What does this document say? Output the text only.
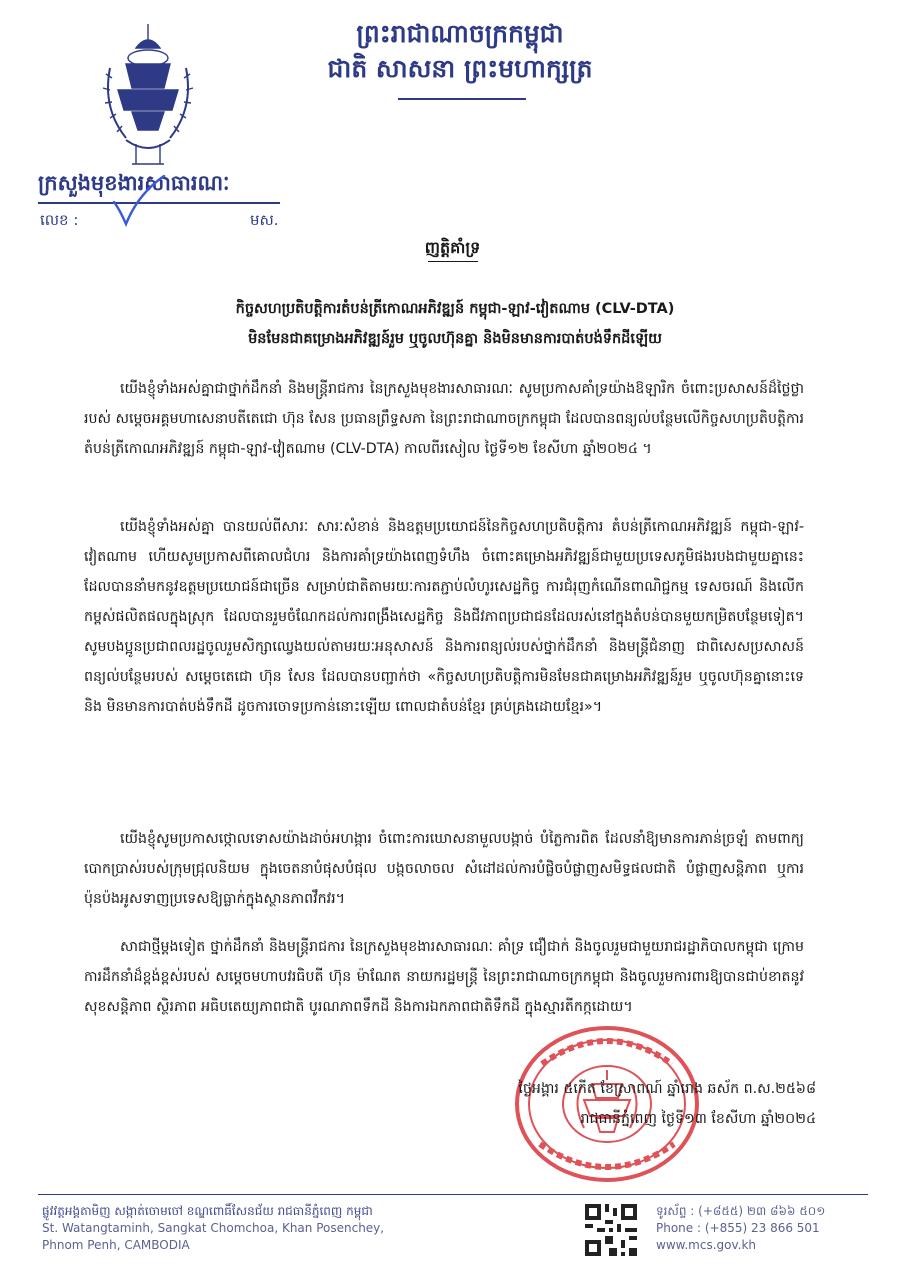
ព្រះរាជាណាចក្រកម្ពុជា
ជាតិ សាសនា ព្រះមហាក្សត្រ
ក្រសួងមុខងារសាធារណៈ
លេខ :	មស.
ញត្តិគាំទ្រ
កិច្ចសហប្រតិបត្តិការតំបន់ត្រីកោណអភិវឌ្ឍន៍ កម្ពុជា-ឡាវ-វៀតណាម (CLV-DTA)
មិនមែនជាគម្រោងអភិវឌ្ឍន៍រួម ឬចូលហ៊ុនគ្នា និងមិនមានការបាត់បង់ទឹកដីឡើយ
យើងខ្ញុំទាំងអស់គ្នាជាថ្នាក់ដឹកនាំ និងមន្ត្រីរាជការ នៃក្រសួងមុខងារសាធារណៈ សូមប្រកាសគាំទ្រយ៉ាងឱឡារិក ចំពោះប្រសាសន៍ដ៏ថ្លៃថ្លារបស់ សម្តេចអគ្គមហាសេនាបតីតេជោ ហ៊ុន សែន ប្រធានព្រឹទ្ធសភា នៃព្រះរាជាណាចក្រកម្ពុជា ដែលបានពន្យល់បន្ថែមលើកិច្ចសហប្រតិបត្តិការតំបន់ត្រីកោណអភិវឌ្ឍន៍ កម្ពុជា-ឡាវ-វៀតណាម (CLV-DTA) កាលពីរសៀល ថ្ងៃទី១២ ខែសីហា ឆ្នាំ២០២៤ ។
យើងខ្ញុំទាំងអស់គ្នា បានយល់ពីសារៈ សារៈសំខាន់ និងឧត្តមប្រយោជន៍នៃកិច្ចសហប្រតិបត្តិការ តំបន់ត្រីកោណអភិវឌ្ឍន៍ កម្ពុជា-ឡាវ-វៀតណាម ហើយសូមប្រកាសពីគោលជំហរ និងការគាំទ្រយ៉ាងពេញទំហឹង ចំពោះគម្រោងអភិវឌ្ឍន៍ជាមួយប្រទេសភូមិផងរបងជាមួយគ្នានេះ ដែលបាននាំមកនូវឧត្តមប្រយោជន៍ជាច្រើន សម្រាប់ជាតិតាមរយៈការតភ្ជាប់លំហូរសេដ្ឋកិច្ច ការជំរុញកំណើនពាណិជ្ជកម្ម ទេសចរណ៍ និងលើកកម្ពស់ផលិតផលក្នុងស្រុក ដែលបានរួមចំណែកដល់ការពង្រឹងសេដ្ឋកិច្ច និងជីវភាពប្រជាជនដែលរស់នៅក្នុងតំបន់បានមួយកម្រិតបន្ថែមទៀត។ សូមបងប្អូនប្រជាពលរដ្ឋចូលរួមសិក្សាឈ្វេងយល់តាមរយៈអនុសាសន៍ និងការពន្យល់របស់ថ្នាក់ដឹកនាំ និងមន្ត្រីជំនាញ ជាពិសេសប្រសាសន៍ពន្យល់បន្ថែមរបស់ សម្តេចតេជោ ហ៊ុន សែន ដែលបានបញ្ជាក់ថា «កិច្ចសហប្រតិបត្តិការមិនមែនជាគម្រោងអភិវឌ្ឍន៍រួម ឬចូលហ៊ុនគ្នានោះទេ និង មិនមានការបាត់បង់ទឹកដី ដូចការចោទប្រកាន់នោះឡើយ ពោលជាតំបន់ខ្មែរ គ្រប់គ្រងដោយខ្មែរ»។
យើងខ្ញុំសូមប្រកាសថ្កោលទោសយ៉ាងដាច់អហង្ការ ចំពោះការឃោសនាមួលបង្កាច់ បំភ្លៃការពិត ដែលនាំឱ្យមានការភាន់ច្រឡំ តាមពាក្យបោកប្រាស់របស់ក្រុមជ្រុលនិយម ក្នុងចេតនាបំផុសបំផុល បង្កចលាចល សំដៅដល់ការបំផ្លិចបំផ្លាញសមិទ្ធផលជាតិ បំផ្លាញសន្តិភាព ឬការប៉ុនប៉ងអូសទាញប្រទេសឱ្យធ្លាក់ក្នុងស្ថានភាពវឹកវរ។
សាជាថ្មីម្តងទៀត ថ្នាក់ដឹកនាំ និងមន្ត្រីរាជការ នៃក្រសួងមុខងារសាធារណៈ គាំទ្រ ជឿជាក់ និងចូលរួមជាមួយរាជរដ្ឋាភិបាលកម្ពុជា ក្រោមការដឹកនាំដ៏ខ្ពង់ខ្ពស់របស់ សម្តេចមហាបវរធិបតី ហ៊ុន ម៉ាណែត នាយករដ្ឋមន្ត្រី នៃព្រះរាជាណាចក្រកម្ពុជា និងចូលរួមការពារឱ្យបានជាប់ខាតនូវសុខសន្តិភាព ស្ថិរភាព អធិបតេយ្យភាពជាតិ បូរណភាពទឹកដី និងការឯកភាពជាតិទឹកដី ក្នុងស្មារតីកក្កដោយ។
ថ្ងៃអង្គារ ៥កើត ខែស្រាពណ៍ ឆ្នាំរោង ឆស័ក ព.ស.២៥៦៨
រាជធានីភ្នំពេញ ថ្ងៃទី១៣ ខែសីហា ឆ្នាំ២០២៤
ផ្លូវវត្តអង្គតាមិញ សង្កាត់ចោមចៅ ខណ្ឌពោធិ៍សែនជ័យ រាជធានីភ្នំពេញ កម្ពុជា
St. Watangtaminh, Sangkat Chomchoa, Khan Posenchey,
Phnom Penh, CAMBODIA
ទូរស័ព្ទ : (+៨៥៥) ២៣ ៨៦៦ ៥០១
Phone : (+855) 23 866 501
www.mcs.gov.kh
